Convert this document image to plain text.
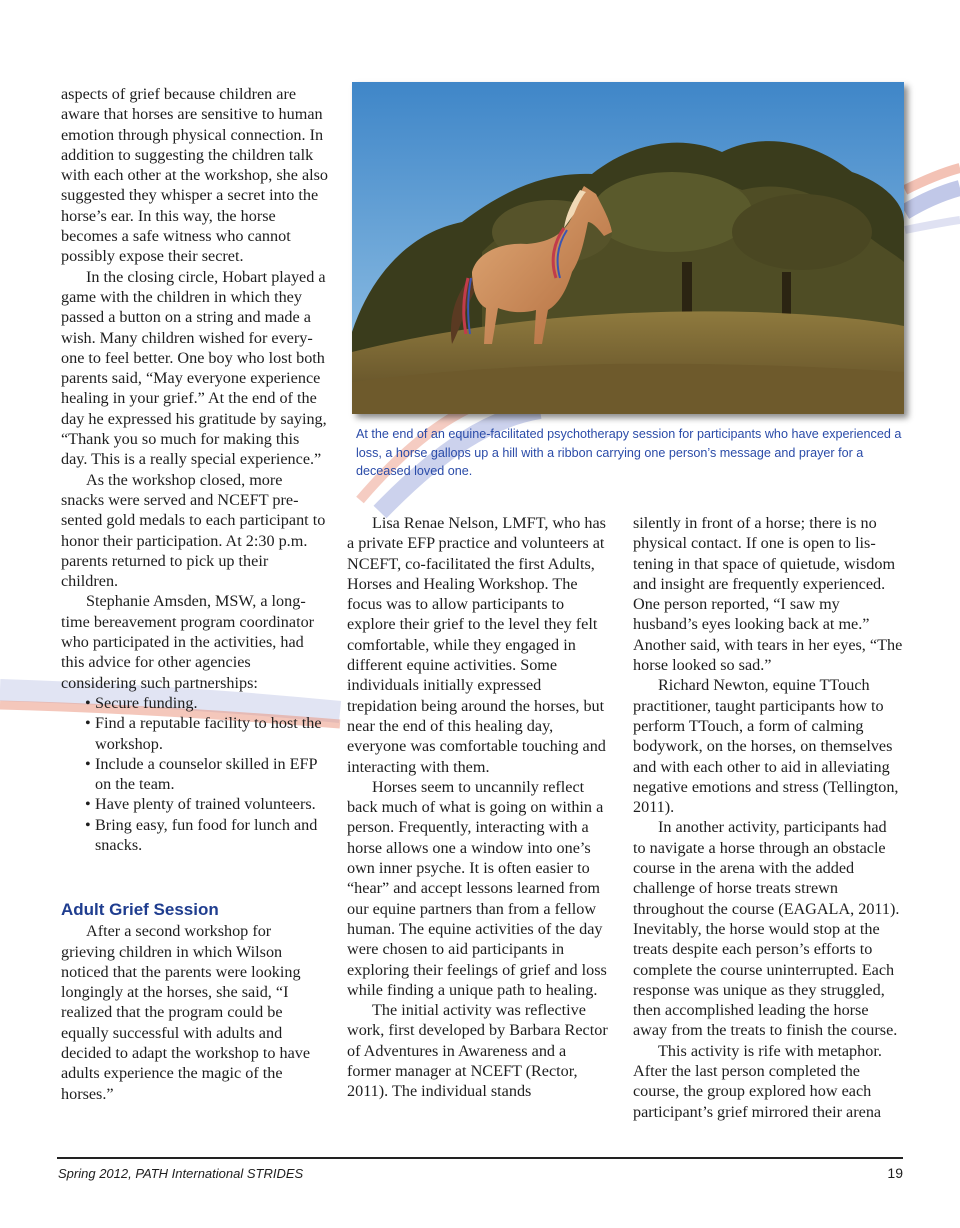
aspects of grief because children are aware that horses are sensitive to human emotion through physical connection. In addition to suggesting the children talk with each other at the workshop, she also suggested they whisper a secret into the horse’s ear. In this way, the horse becomes a safe witness who cannot possibly expose their secret.

In the closing circle, Hobart played a game with the children in which they passed a button on a string and made a wish. Many children wished for everyone to feel better. One boy who lost both parents said, “May everyone experience healing in your grief.” At the end of the day he expressed his gratitude by saying, “Thank you so much for making this day. This is a really special experience.”

As the workshop closed, more snacks were served and NCEFT presented gold medals to each participant to honor their participation. At 2:30 p.m. parents returned to pick up their children.

Stephanie Amsden, MSW, a longtime bereavement program coordinator who participated in the activities, had this advice for other agencies considering such partnerships:

• Secure funding.
• Find a reputable facility to host the workshop.
• Include a counselor skilled in EFP on the team.
• Have plenty of trained volunteers.
• Bring easy, fun food for lunch and snacks.
Adult Grief Session

After a second workshop for grieving children in which Wilson noticed that the parents were looking longingly at the horses, she said, “I realized that the program could be equally successful with adults and decided to adapt the workshop to have adults experience the magic of the horses.”

At the end of an equine-facilitated psychotherapy session for participants who have experienced a loss, a horse gallops up a hill with a ribbon carrying one person’s message and prayer for a deceased loved one.

Lisa Renae Nelson, LMFT, who has a private EFP practice and volunteers at NCEFT, co-facilitated the first Adults, Horses and Healing Workshop. The focus was to allow participants to explore their grief to the level they felt comfortable, while they engaged in different equine activities. Some individuals initially expressed trepidation being around the horses, but near the end of this healing day, everyone was comfortable touching and interacting with them.

Horses seem to uncannily reflect back much of what is going on within a person. Frequently, interacting with a horse allows one a window into one’s own inner psyche. It is often easier to “hear” and accept lessons learned from our equine partners than from a fellow human. The equine activities of the day were chosen to aid participants in exploring their feelings of grief and loss while finding a unique path to healing.

The initial activity was reflective work, first developed by Barbara Rector of Adventures in Awareness and a former manager at NCEFT (Rector, 2011). The individual stands

silently in front of a horse; there is no physical contact. If one is open to listening in that space of quietude, wisdom and insight are frequently experienced. One person reported, “I saw my husband’s eyes looking back at me.” Another said, with tears in her eyes, “The horse looked so sad.”

Richard Newton, equine TTouch practitioner, taught participants how to perform TTouch, a form of calming bodywork, on the horses, on themselves and with each other to aid in alleviating negative emotions and stress (Tellington, 2011).

In another activity, participants had to navigate a horse through an obstacle course in the arena with the added challenge of horse treats strewn throughout the course (EAGALA, 2011). Inevitably, the horse would stop at the treats despite each person’s efforts to complete the course uninterrupted. Each response was unique as they struggled, then accomplished leading the horse away from the treats to finish the course.

This activity is rife with metaphor. After the last person completed the course, the group explored how each participant’s grief mirrored their arena

Spring 2012, PATH International STRIDES	19
